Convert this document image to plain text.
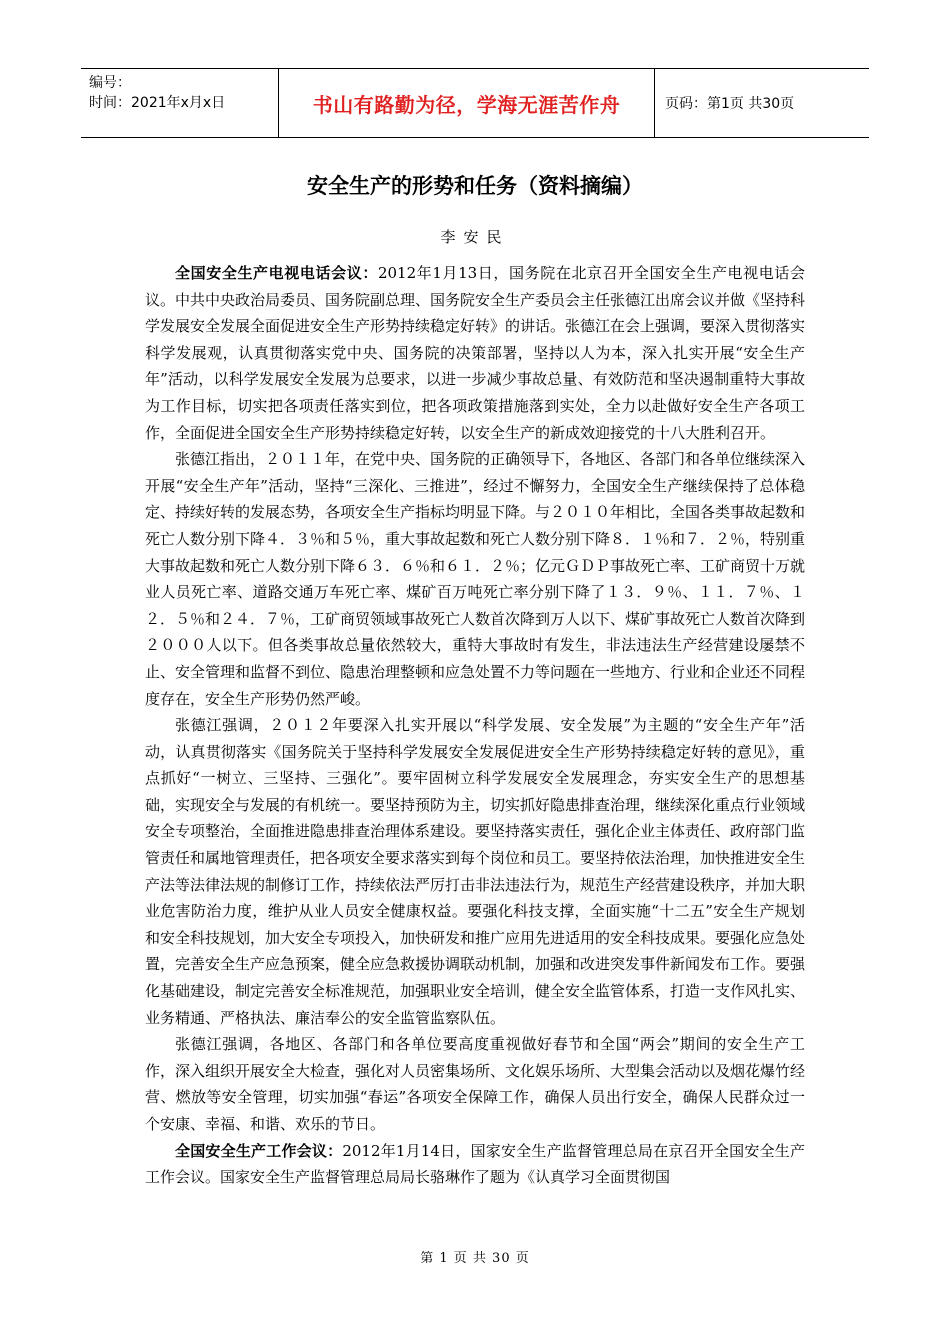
编号：
时间：2021年x月x日	书山有路勤为径，学海无涯苦作舟	页码：第1页 共30页
安全生产的形势和任务（资料摘编）
李安民

全国安全生产电视电话会议：2012年1月13日，国务院在北京召开全国安全生产电视电话会议。中共中央政治局委员、国务院副总理、国务院安全生产委员会主任张德江出席会议并做《坚持科学发展安全发展全面促进安全生产形势持续稳定好转》的讲话。张德江在会上强调，要深入贯彻落实科学发展观，认真贯彻落实党中央、国务院的决策部署，坚持以人为本，深入扎实开展“安全生产年”活动，以科学发展安全发展为总要求，以进一步减少事故总量、有效防范和坚决遏制重特大事故为工作目标，切实把各项责任落实到位，把各项政策措施落到实处，全力以赴做好安全生产各项工作，全面促进全国安全生产形势持续稳定好转，以安全生产的新成效迎接党的十八大胜利召开。

张德江指出，２０１１年，在党中央、国务院的正确领导下，各地区、各部门和各单位继续深入开展“安全生产年”活动，坚持“三深化、三推进”，经过不懈努力，全国安全生产继续保持了总体稳定、持续好转的发展态势，各项安全生产指标均明显下降。与２０１０年相比，全国各类事故起数和死亡人数分别下降４．３％和５％，重大事故起数和死亡人数分别下降８．１％和７．２％，特别重大事故起数和死亡人数分别下降６３．６％和６１．２％；亿元ＧＤＰ事故死亡率、工矿商贸十万就业人员死亡率、道路交通万车死亡率、煤矿百万吨死亡率分别下降了１３．９％、１１．７％、１２．５％和２４．７％，工矿商贸领域事故死亡人数首次降到万人以下、煤矿事故死亡人数首次降到２０００人以下。但各类事故总量依然较大，重特大事故时有发生，非法违法生产经营建设屡禁不止、安全管理和监督不到位、隐患治理整顿和应急处置不力等问题在一些地方、行业和企业还不同程度存在，安全生产形势仍然严峻。

张德江强调，２０１２年要深入扎实开展以“科学发展、安全发展”为主题的“安全生产年”活动，认真贯彻落实《国务院关于坚持科学发展安全发展促进安全生产形势持续稳定好转的意见》，重点抓好“一树立、三坚持、三强化”。要牢固树立科学发展安全发展理念，夯实安全生产的思想基础，实现安全与发展的有机统一。要坚持预防为主，切实抓好隐患排查治理，继续深化重点行业领域安全专项整治，全面推进隐患排查治理体系建设。要坚持落实责任，强化企业主体责任、政府部门监管责任和属地管理责任，把各项安全要求落实到每个岗位和员工。要坚持依法治理，加快推进安全生产法等法律法规的制修订工作，持续依法严厉打击非法违法行为，规范生产经营建设秩序，并加大职业危害防治力度，维护从业人员安全健康权益。要强化科技支撑，全面实施“十二五”安全生产规划和安全科技规划，加大安全专项投入，加快研发和推广应用先进适用的安全科技成果。要强化应急处置，完善安全生产应急预案，健全应急救援协调联动机制，加强和改进突发事件新闻发布工作。要强化基础建设，制定完善安全标准规范，加强职业安全培训，健全安全监管体系，打造一支作风扎实、业务精通、严格执法、廉洁奉公的安全监管监察队伍。

张德江强调，各地区、各部门和各单位要高度重视做好春节和全国“两会”期间的安全生产工作，深入组织开展安全大检查，强化对人员密集场所、文化娱乐场所、大型集会活动以及烟花爆竹经营、燃放等安全管理，切实加强“春运”各项安全保障工作，确保人员出行安全，确保人民群众过一个安康、幸福、和谐、欢乐的节日。

全国安全生产工作会议：2012年1月14日，国家安全生产监督管理总局在京召开全国安全生产工作会议。国家安全生产监督管理总局局长骆琳作了题为《认真学习全面贯彻国

第 1 页 共 30 页
